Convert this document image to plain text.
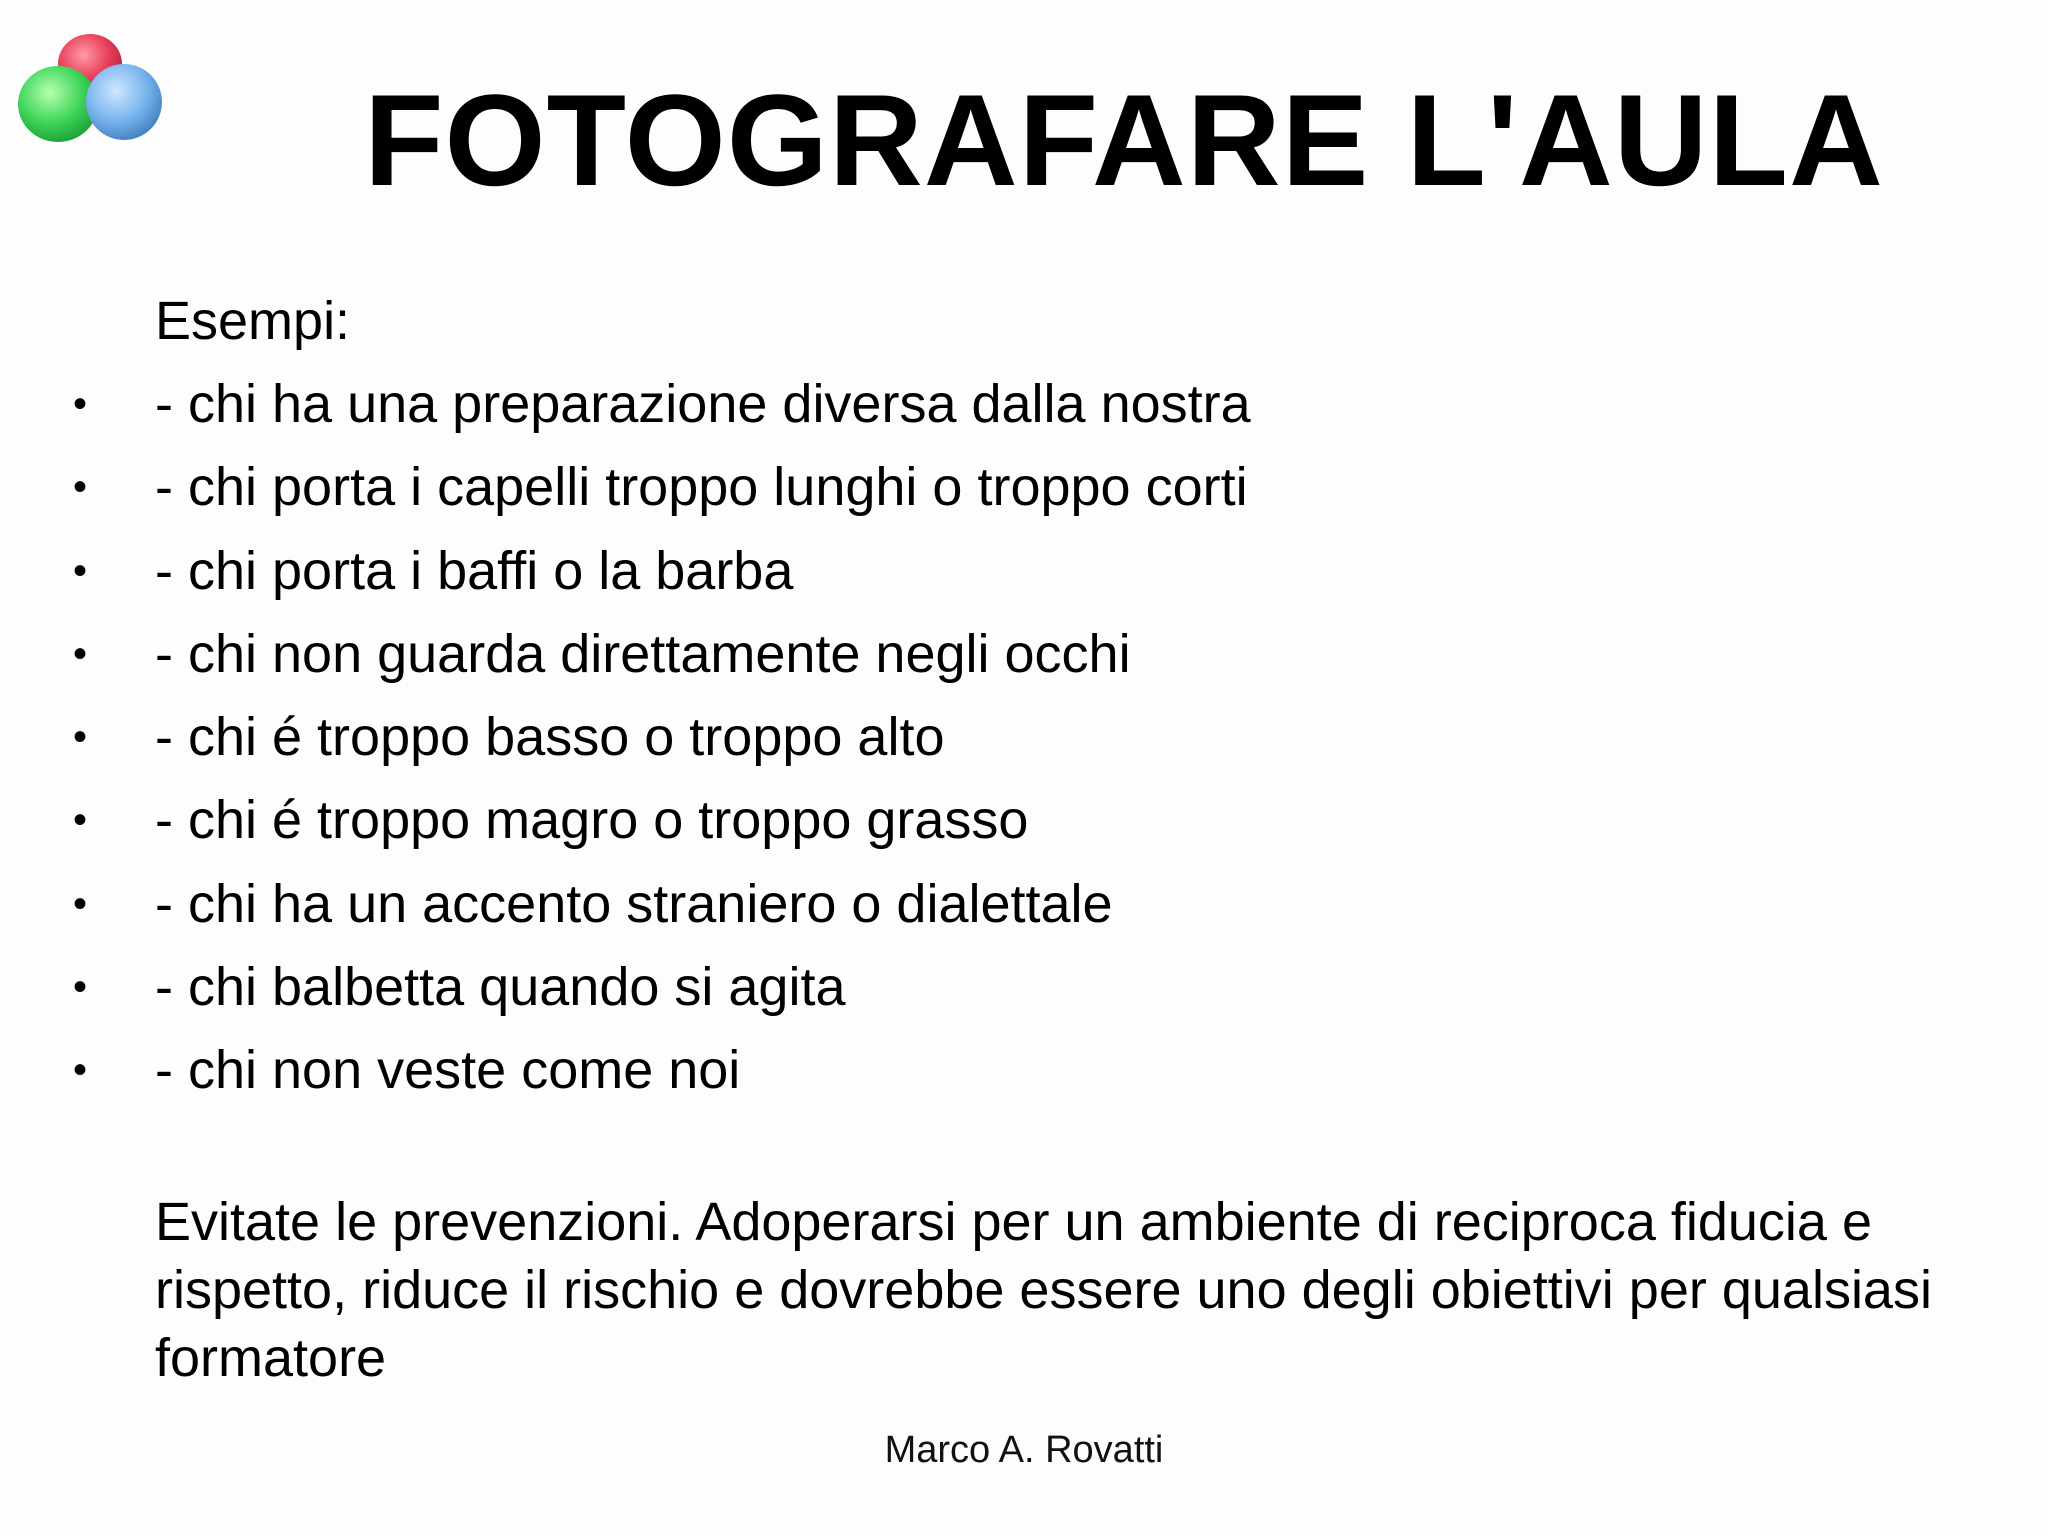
FOTOGRAFARE L'AULA
Esempi:
• - chi ha una preparazione diversa dalla nostra
• - chi porta i capelli troppo lunghi o troppo corti
• - chi porta i baffi o la barba
• - chi non guarda direttamente negli occhi
• - chi é troppo basso o troppo alto
• - chi é troppo magro o troppo grasso
• - chi ha un accento straniero o dialettale
• - chi balbetta quando si agita
• - chi non veste come noi
Evitate le prevenzioni. Adoperarsi per un ambiente di reciproca fiducia e rispetto, riduce il rischio e dovrebbe essere uno degli obiettivi per qualsiasi formatore
Marco A. Rovatti
